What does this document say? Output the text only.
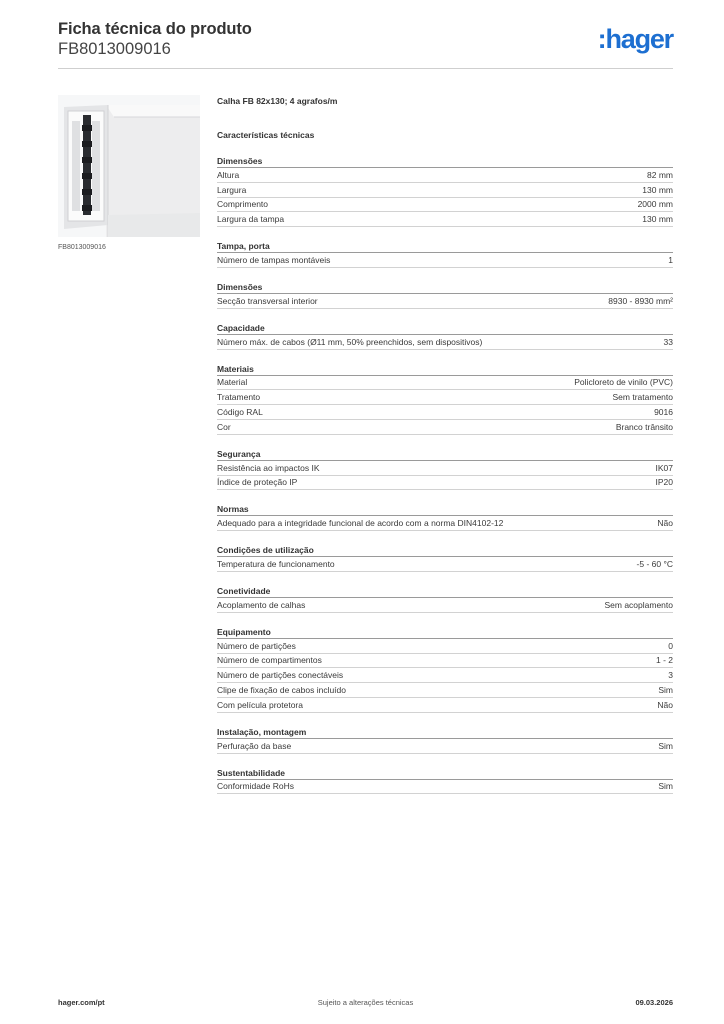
Ficha técnica do produto
FB8013009016	:hager
FB8013009016
Calha FB 82x130; 4 agrafos/m
Características técnicas
Dimensões
Altura	82 mm
Largura	130 mm
Comprimento	2000 mm
Largura da tampa	130 mm
Tampa, porta
Número de tampas montáveis	1
Dimensões
Secção transversal interior	8930 - 8930 mm²
Capacidade
Número máx. de cabos (Ø11 mm, 50% preenchidos, sem dispositivos)	33
Materiais
Material	Policloreto de vinilo (PVC)
Tratamento	Sem tratamento
Código RAL	9016
Cor	Branco trânsito
Segurança
Resistência ao impactos IK	IK07
Índice de proteção IP	IP20
Normas
Adequado para a integridade funcional de acordo com a norma DIN4102-12	Não
Condições de utilização
Temperatura de funcionamento	-5 - 60 °C
Conetividade
Acoplamento de calhas	Sem acoplamento
Equipamento
Número de partições	0
Número de compartimentos	1 - 2
Número de partições conectáveis	3
Clipe de fixação de cabos incluído	Sim
Com película protetora	Não
Instalação, montagem
Perfuração da base	Sim
Sustentabilidade
Conformidade RoHs	Sim
hager.com/pt	Sujeito a alterações técnicas	09.03.2026
